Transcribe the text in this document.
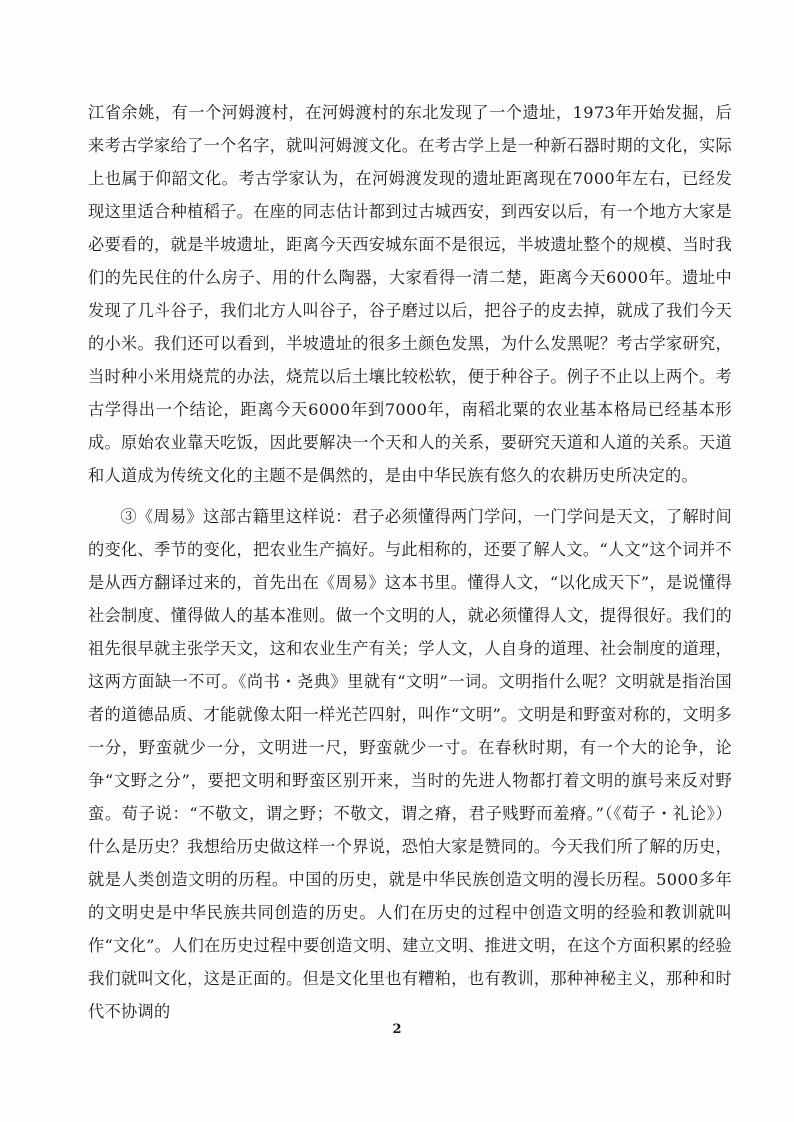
江省余姚，有一个河姆渡村，在河姆渡村的东北发现了一个遗址，1973年开始发掘，后来考古学家给了一个名字，就叫河姆渡文化。在考古学上是一种新石器时期的文化，实际上也属于仰韶文化。考古学家认为，在河姆渡发现的遗址距离现在7000年左右，已经发现这里适合种植稻子。在座的同志估计都到过古城西安，到西安以后，有一个地方大家是必要看的，就是半坡遗址，距离今天西安城东面不是很远，半坡遗址整个的规模、当时我们的先民住的什么房子、用的什么陶器，大家看得一清二楚，距离今天6000年。遗址中发现了几斗谷子，我们北方人叫谷子，谷子磨过以后，把谷子的皮去掉，就成了我们今天的小米。我们还可以看到，半坡遗址的很多土颜色发黑，为什么发黑呢？考古学家研究，当时种小米用烧荒的办法，烧荒以后土壤比较松软，便于种谷子。例子不止以上两个。考古学得出一个结论，距离今天6000年到7000年，南稻北粟的农业基本格局已经基本形成。原始农业靠天吃饭，因此要解决一个天和人的关系，要研究天道和人道的关系。天道和人道成为传统文化的主题不是偶然的，是由中华民族有悠久的农耕历史所决定的。

③《周易》这部古籍里这样说：君子必须懂得两门学问，一门学问是天文，了解时间的变化、季节的变化，把农业生产搞好。与此相称的，还要了解人文。“人文”这个词并不是从西方翻译过来的，首先出在《周易》这本书里。懂得人文，“以化成天下”，是说懂得社会制度、懂得做人的基本准则。做一个文明的人，就必须懂得人文，提得很好。我们的祖先很早就主张学天文，这和农业生产有关；学人文，人自身的道理、社会制度的道理，这两方面缺一不可。《尚书・尧典》里就有“文明”一词。文明指什么呢？文明就是指治国者的道德品质、才能就像太阳一样光芒四射，叫作“文明”。文明是和野蛮对称的，文明多一分，野蛮就少一分，文明进一尺，野蛮就少一寸。在春秋时期，有一个大的论争，论争“文野之分”，要把文明和野蛮区别开来，当时的先进人物都打着文明的旗号来反对野蛮。荀子说：“不敬文，谓之野；不敬文，谓之瘠，君子贱野而羞瘠。”（《荀子・礼论》）什么是历史？我想给历史做这样一个界说，恐怕大家是赞同的。今天我们所了解的历史，就是人类创造文明的历程。中国的历史，就是中华民族创造文明的漫长历程。5000多年的文明史是中华民族共同创造的历史。人们在历史的过程中创造文明的经验和教训就叫作“文化”。人们在历史过程中要创造文明、建立文明、推进文明，在这个方面积累的经验我们就叫文化，这是正面的。但是文化里也有糟粕，也有教训，那种神秘主义，那种和时代不协调的

2
